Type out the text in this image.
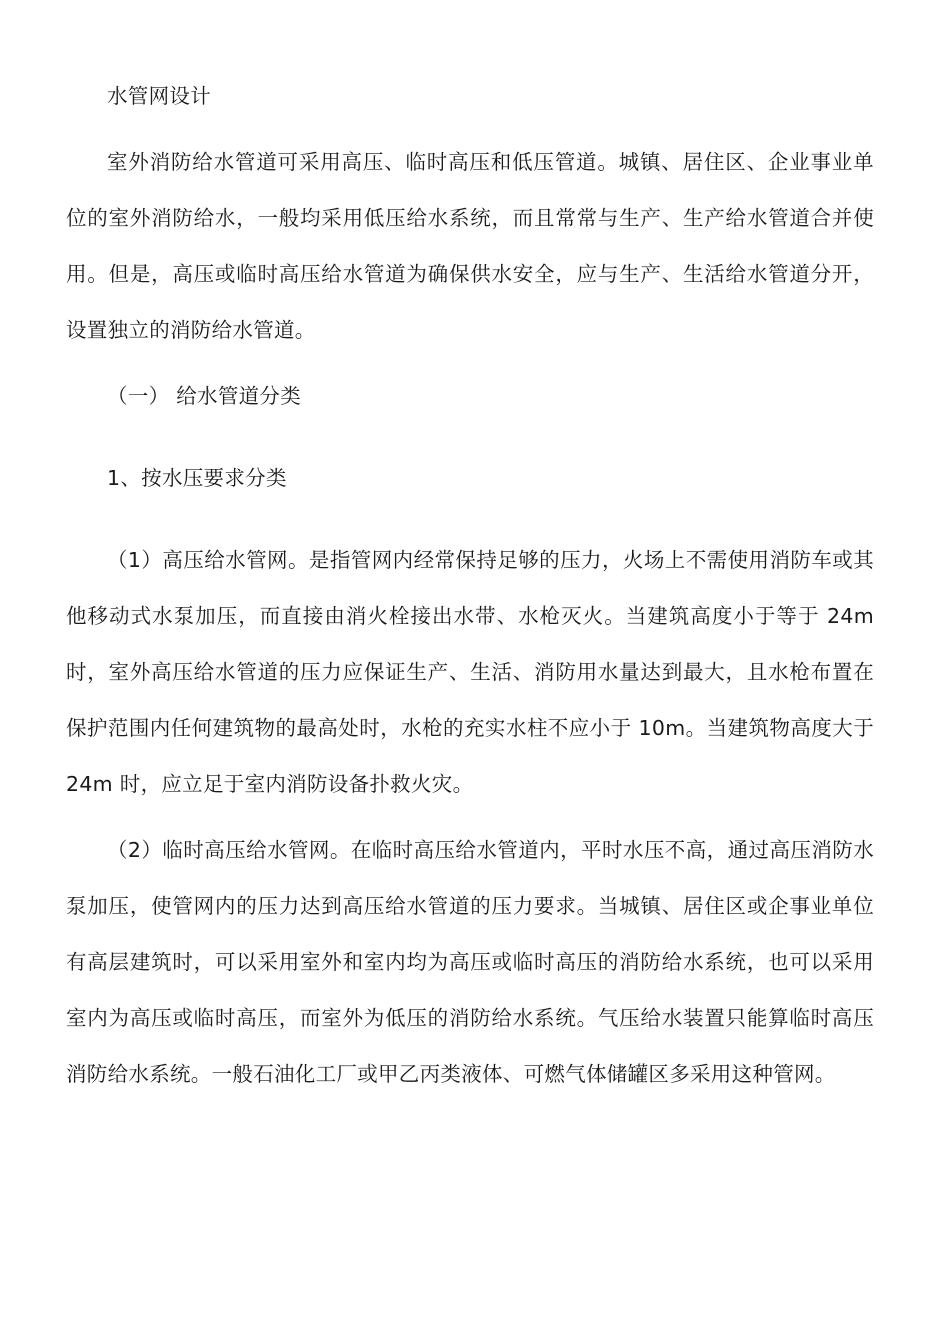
水管网设计

室外消防给水管道可采用高压、临时高压和低压管道。城镇、居住区、企业事业单位的室外消防给水，一般均采用低压给水系统，而且常常与生产、生产给水管道合并使用。但是，高压或临时高压给水管道为确保供水安全，应与生产、生活给水管道分开，设置独立的消防给水管道。

（一） 给水管道分类

1、按水压要求分类

（1）高压给水管网。是指管网内经常保持足够的压力，火场上不需使用消防车或其他移动式水泵加压，而直接由消火栓接出水带、水枪灭火。当建筑高度小于等于 24m 时，室外高压给水管道的压力应保证生产、生活、消防用水量达到最大，且水枪布置在保护范围内任何建筑物的最高处时，水枪的充实水柱不应小于 10m。当建筑物高度大于 24m 时，应立足于室内消防设备扑救火灾。

（2）临时高压给水管网。在临时高压给水管道内，平时水压不高，通过高压消防水泵加压，使管网内的压力达到高压给水管道的压力要求。当城镇、居住区或企事业单位有高层建筑时，可以采用室外和室内均为高压或临时高压的消防给水系统，也可以采用室内为高压或临时高压，而室外为低压的消防给水系统。气压给水装置只能算临时高压消防给水系统。一般石油化工厂或甲乙丙类液体、可燃气体储罐区多采用这种管网。
